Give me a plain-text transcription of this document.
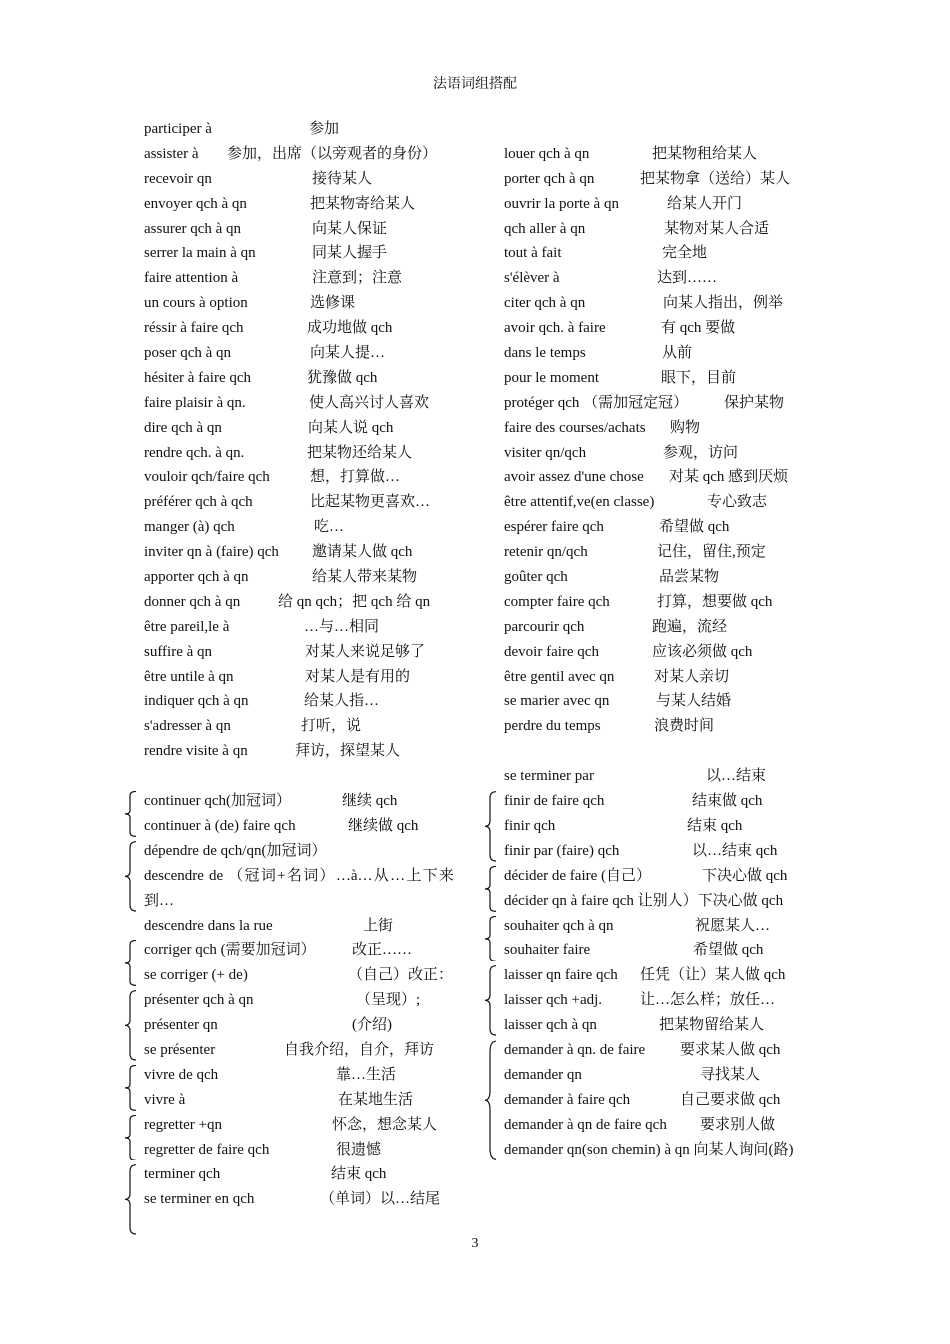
法语词组搭配
participer à	参加
assister à 参加，出席（以旁观者的身份）
recevoir qn	接待某人
envoyer qch à qn	把某物寄给某人
assurer qch à qn	向某人保证
serrer la main à qn	同某人握手
faire attention à	注意到；注意
un cours à option	选修课
réssir à faire qch	成功地做 qch
poser qch à qn	向某人提…
hésiter à faire qch	犹豫做 qch
faire plaisir à qn.	使人高兴讨人喜欢
dire qch à qn	向某人说 qch
rendre qch. à qn.	把某物还给某人
vouloir qch/faire qch	想，打算做…
préférer qch à qch	比起某物更喜欢…
manger (à) qch	吃…
inviter qn à (faire) qch 邀请某人做 qch
apporter qch à qn	给某人带来某物
donner qch à qn	给 qn qch；把 qch 给 qn
être pareil,le à	…与…相同
suffire à qn	对某人来说足够了
être untile à qn	对某人是有用的
indiquer qch à qn	给某人指…
s'adresser à qn	打听，说
rendre visite à qn	拜访，探望某人
continuer qch(加冠词）	继续 qch
continuer à (de) faire qch	继续做 qch
dépendre de qch/qn(加冠词）
descendre de （冠词+名词）…à…从…上下来到…
descendre dans la rue	上街
corriger qch (需要加冠词） 改正……
se corriger (+ de)	（自己）改正：
présenter qch à qn	（呈现）;
présenter qn	(介绍)
se présenter	自我介绍，自介，拜访
vivre de qch	靠…生活
vivre à	在某地生活
regretter +qn	怀念，想念某人
regretter de faire qch	很遗憾
terminer qch	结束 qch
se terminer en qch	（单词）以…结尾
louer qch à qn	把某物租给某人
porter qch à qn	把某物拿（送给）某人
ouvrir la porte à qn	给某人开门
qch aller à qn	某物对某人合适
tout à fait	完全地
s'élèver à	达到……
citer qch à qn	向某人指出，例举
avoir qch. à faire	有 qch 要做
dans le temps	从前
pour le moment	眼下，目前
protéger qch （需加冠定冠） 保护某物
faire des courses/achats 购物
visiter qn/qch	参观，访问
avoir assez d'une chose 对某 qch 感到厌烦
être attentif,ve(en classe)	专心致志
espérer faire qch	希望做 qch
retenir qn/qch	记住，留住,预定
goûter qch	品尝某物
compter faire qch	打算，想要做 qch
parcourir qch	跑遍，流经
devoir faire qch	应该必须做 qch
être gentil avec qn	对某人亲切
se marier avec qn	与某人结婚
perdre du temps	浪费时间
se terminer par	以…结束
finir de faire qch	结束做 qch
finir qch	结束 qch
finir par (faire) qch	以…结束 qch
décider de faire (自己）	下决心做 qch
décider qn à faire qch 让别人）下决心做 qch
souhaiter qch à qn	祝愿某人…
souhaiter faire	希望做 qch
laisser qn faire qch 任凭（让）某人做 qch
laisser qch +adj.	让…怎么样；放任…
laisser qch à qn	把某物留给某人
demander à qn. de faire 要求某人做 qch
demander qn	寻找某人
demander à faire qch	自己要求做 qch
demander à qn de faire qch 要求别人做
demander qn(son chemin) à qn 向某人询问(路)
3
